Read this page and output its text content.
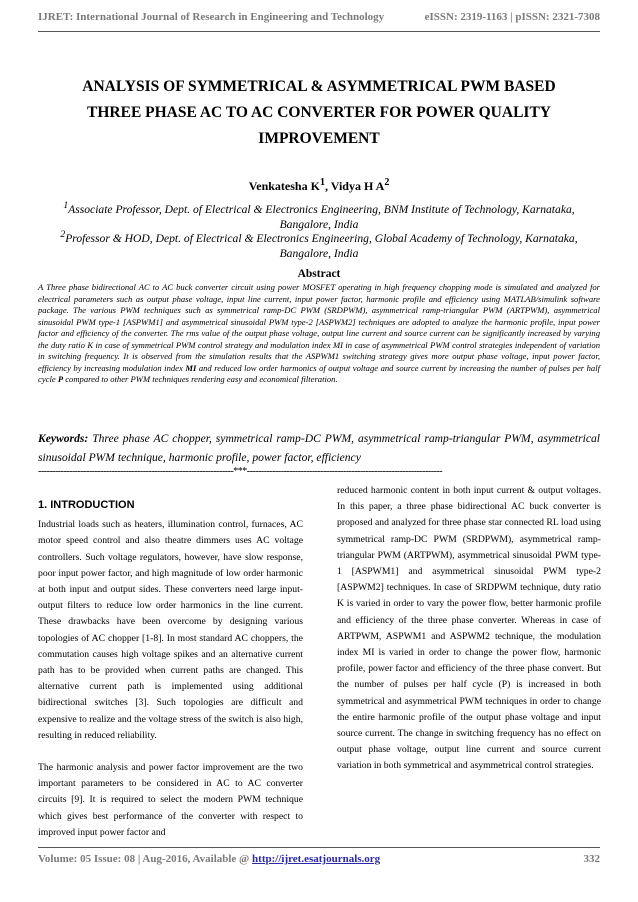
IJRET: International Journal of Research in Engineering and Technology	eISSN: 2319-1163 | pISSN: 2321-7308
ANALYSIS OF SYMMETRICAL & ASYMMETRICAL PWM BASED
THREE PHASE AC TO AC CONVERTER FOR POWER QUALITY
IMPROVEMENT
Venkatesha $K^1$, Vidya H $A^2$
$^1$Associate Professor, Dept. of Electrical & Electronics Engineering, BNM Institute of Technology, Karnataka, Bangalore, India
$^2$Professor & HOD, Dept. of Electrical & Electronics Engineering, Global Academy of Technology, Karnataka, Bangalore, India
Abstract
A Three phase bidirectional AC to AC buck converter circuit using power MOSFET operating in high frequency chopping mode is simulated and analyzed for electrical parameters such as output phase voltage, input line current, input power factor, harmonic profile and efficiency using MATLAB/simulink software package. The various PWM techniques such as symmetrical ramp-DC PWM (SRDPWM), asymmetrical ramp-triangular PWM (ARTPWM), asymmetrical sinusoidal PWM type-1 [ASPWM1] and asymmetrical sinusoidal PWM type-2 [ASPWM2] techniques are adopted to analyze the harmonic profile, input power factor and efficiency of the converter. The rms value of the output phase voltage, output line current and source current can be significantly increased by varying the duty ratio K in case of symmetrical PWM control strategy and modulation index MI in case of asymmetrical PWM control strategies independent of variation in switching frequency. It is observed from the simulation results that the ASPWM1 switching strategy gives more output phase voltage, input power factor, efficiency by increasing modulation index MI and reduced low order harmonics of output voltage and source current by increasing the number of pulses per half cycle P compared to other PWM techniques rendering easy and economical filteration.
Keywords: Three phase AC chopper, symmetrical ramp-DC PWM, asymmetrical ramp-triangular PWM, asymmetrical sinusoidal PWM technique, harmonic profile, power factor, efficiency
---------------------------------------------------------------------***---------------------------------------------------------------------
1. INTRODUCTION

Industrial loads such as heaters, illumination control, furnaces, AC motor speed control and also theatre dimmers uses AC voltage controllers. Such voltage regulators, however, have slow response, poor input power factor, and high magnitude of low order harmonic at both input and output sides. These converters need large input-output filters to reduce low order harmonics in the line current. These drawbacks have been overcome by designing various topologies of AC chopper [1-8]. In most standard AC choppers, the commutation causes high voltage spikes and an alternative current path has to be provided when current paths are changed. This alternative current path is implemented using additional bidirectional switches [3]. Such topologies are difficult and expensive to realize and the voltage stress of the switch is also high, resulting in reduced reliability.

The harmonic analysis and power factor improvement are the two important parameters to be considered in AC to AC converter circuits [9]. It is required to select the modern PWM technique which gives best performance of the converter with respect to improved input power factor and

reduced harmonic content in both input current & output voltages. In this paper, a three phase bidirectional AC buck converter is proposed and analyzed for three phase star connected RL load using symmetrical ramp-DC PWM (SRDPWM), asymmetrical ramp-triangular PWM (ARTPWM), asymmetrical sinusoidal PWM type-1 [ASPWM1] and asymmetrical sinusoidal PWM type-2 [ASPWM2] techniques. In case of SRDPWM technique, duty ratio K is varied in order to vary the power flow, better harmonic profile and efficiency of the three phase converter. Whereas in case of ARTPWM, ASPWM1 and ASPWM2 technique, the modulation index MI is varied in order to change the power flow, harmonic profile, power factor and efficiency of the three phase convert. But the number of pulses per half cycle (P) is increased in both symmetrical and asymmetrical PWM techniques in order to change the entire harmonic profile of the output phase voltage and input source current. The change in switching frequency has no effect on output phase voltage, output line current and source current variation in both symmetrical and asymmetrical control strategies.

Volume: 05 Issue: 08 | Aug-2016, Available @ http://ijret.esatjournals.org	332
